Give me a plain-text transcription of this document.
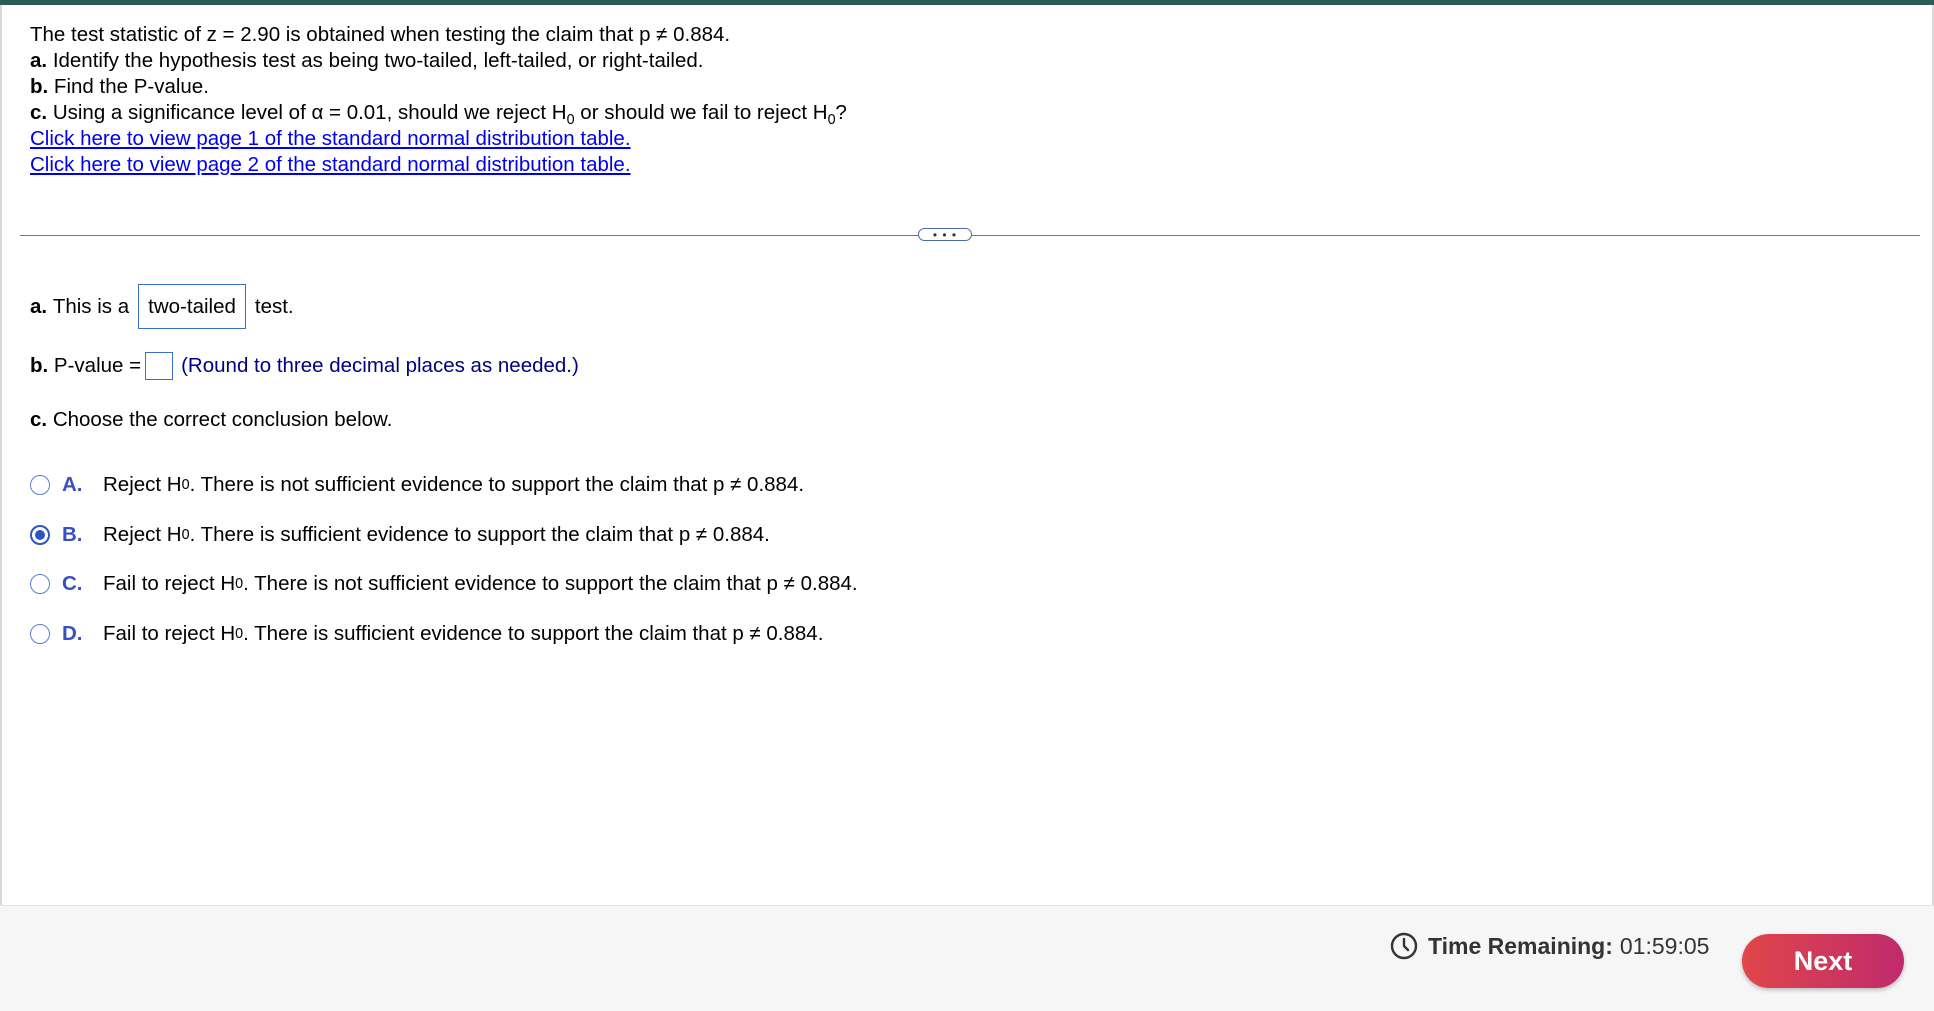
The test statistic of z = 2.90 is obtained when testing the claim that p ≠ 0.884.
a. Identify the hypothesis test as being two-tailed, left-tailed, or right-tailed.
b. Find the P-value.
c. Using a significance level of α = 0.01, should we reject $H_0$ or should we fail to reject $H_0$?
Click here to view page 1 of the standard normal distribution table.
Click here to view page 2 of the standard normal distribution table.
• • •
a.
This is a two-tailed test.
b.
P-value = (Round to three decimal places as needed.)
c. Choose the correct conclusion below.
A.	Reject H 0 . There is not sufficient evidence to support the claim that p ≠ 0.884.
B.	Reject H 0 . There is sufficient evidence to support the claim that p ≠ 0.884.
C.	Fail to reject H 0 . There is not sufficient evidence to support the claim that p ≠ 0.884.
D.	Fail to reject H 0 . There is sufficient evidence to support the claim that p ≠ 0.884.
Time Remaining: 01:59:05	Next
